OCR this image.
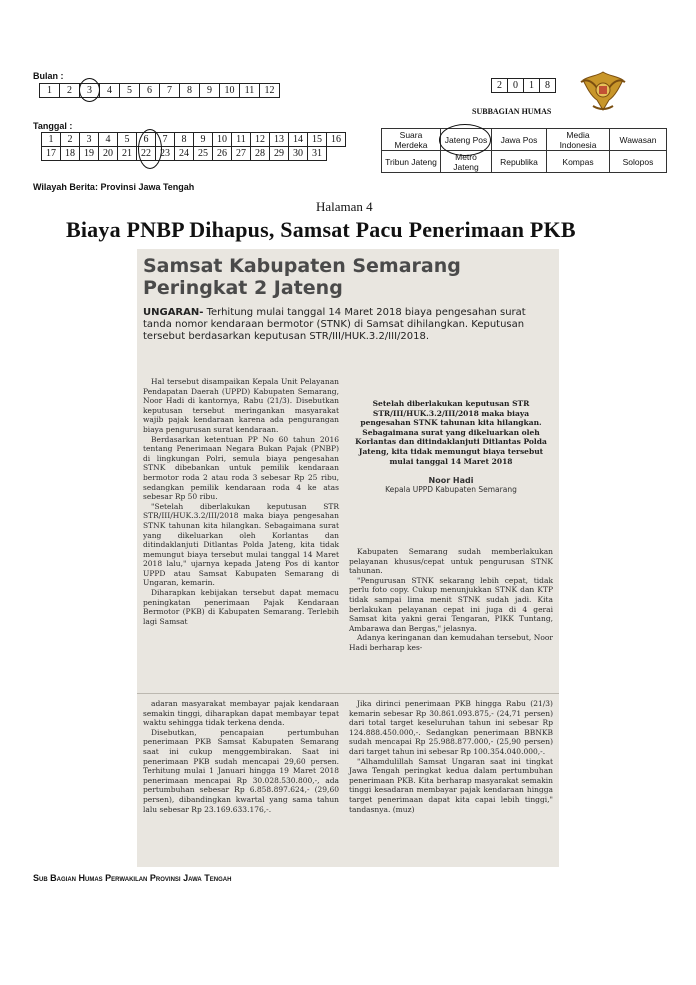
Bulan :
1	2	3	4	5	6	7	8	9	10	11	12
Tanggal :
1	2	3	4	5	6	7	8	9	10	11	12	13	14	15	16
17	18	19	20	21	22	23	24	25	26	27	28	29	30	31	
Wilayah Berita: Provinsi Jawa Tengah
2	0	1	8
SUBBAGIAN HUMAS
Suara Merdeka	Jateng Pos	Jawa Pos	Media Indonesia	Wawasan
Tribun Jateng	Metro Jateng	Republika	Kompas	Solopos
Halaman 4
Biaya PNBP Dihapus, Samsat Pacu Penerimaan PKB
Samsat Kabupaten Semarang
Peringkat 2 Jateng
UNGARAN- Terhitung mulai tanggal 14 Maret 2018 biaya pengesahan surat tanda nomor kendaraan bermotor (STNK) di Samsat dihilangkan. Keputusan tersebut berdasarkan keputusan STR/III/HUK.3.2/III/2018.

Hal tersebut disampaikan Kepala Unit Pelayanan Pendapatan Daerah (UPPD) Kabupaten Semarang, Noor Hadi di kantornya, Rabu (21/3). Disebutkan keputusan tersebut meringankan masyarakat wajib pajak kendaraan karena ada pengurangan biaya pengurusan surat kendaraan.

Berdasarkan ketentuan PP No 60 tahun 2016 tentang Penerimaan Negara Bukan Pajak (PNBP) di lingkungan Polri, semula biaya pengesahan STNK dibebankan untuk pemilik kendaraan bermotor roda 2 atau roda 3 sebesar Rp 25 ribu, sedangkan pemilik kendaraan roda 4 ke atas sebesar Rp 50 ribu.

"Setelah diberlakukan keputusan STR STR/III/HUK.3.2/III/2018 maka biaya pengesahan STNK tahunan kita hilangkan. Sebagaimana surat yang dikeluarkan oleh Korlantas dan ditindaklanjuti Ditlantas Polda Jateng, kita tidak memungut biaya tersebut mulai tanggal 14 Maret 2018 lalu," ujarnya kepada Jateng Pos di kantor UPPD atau Samsat Kabupaten Semarang di Ungaran, kemarin.

Diharapkan kebijakan tersebut dapat memacu peningkatan penerimaan Pajak Kendaraan Bermotor (PKB) di Kabupaten Semarang. Terlebih lagi Samsat

Setelah diberlakukan keputusan STR STR/III/HUK.3.2/III/2018 maka biaya pengesahan STNK tahunan kita hilangkan. Sebagaimana surat yang dikeluarkan oleh Korlantas dan ditindaklanjuti Ditlantas Polda Jateng, kita tidak memungut biaya tersebut mulai tanggal 14 Maret 2018
Noor Hadi
Kepala UPPD Kabupaten Semarang

Kabupaten Semarang sudah memberlakukan pelayanan khusus/cepat untuk pengurusan STNK tahunan.

"Pengurusan STNK sekarang lebih cepat, tidak perlu foto copy. Cukup menunjukkan STNK dan KTP tidak sampai lima menit STNK sudah jadi. Kita berlakukan pelayanan cepat ini juga di 4 gerai Samsat kita yakni gerai Tengaran, PIKK Tuntang, Ambarawa dan Bergas," jelasnya.

Adanya keringanan dan kemudahan tersebut, Noor Hadi berharap kes-

adaran masyarakat membayar pajak kendaraan semakin tinggi, diharapkan dapat membayar tepat waktu sehingga tidak terkena denda.

Disebutkan, pencapaian pertumbuhan penerimaan PKB Samsat Kabupaten Semarang saat ini cukup menggembirakan. Saat ini penerimaan PKB sudah mencapai 29,60 persen. Terhitung mulai 1 Januari hingga 19 Maret 2018 penerimaan mencapai Rp 30.028.530.800,-, ada pertumbuhan sebesar Rp 6.858.897.624,- (29,60 persen), dibandingkan kwartal yang sama tahun lalu sebesar Rp 23.169.633.176,-.

Jika dirinci penerimaan PKB hingga Rabu (21/3) kemarin sebesar Rp 30.861.093.875,- (24,71 persen) dari total target keseluruhan tahun ini sebesar Rp 124.888.450.000,-. Sedangkan penerimaan BBNKB sudah mencapai Rp 25.988.877.000,- (25,90 persen) dari target tahun ini sebesar Rp 100.354.040.000,-.

"Alhamdulillah Samsat Ungaran saat ini tingkat Jawa Tengah peringkat kedua dalam pertumbuhan penerimaan PKB. Kita berharap masyarakat semakin tinggi kesadaran membayar pajak kendaraan hingga target penerimaan dapat kita capai lebih tinggi," tandasnya. (muz)

Sub Bagian Humas Perwakilan Provinsi Jawa Tengah
